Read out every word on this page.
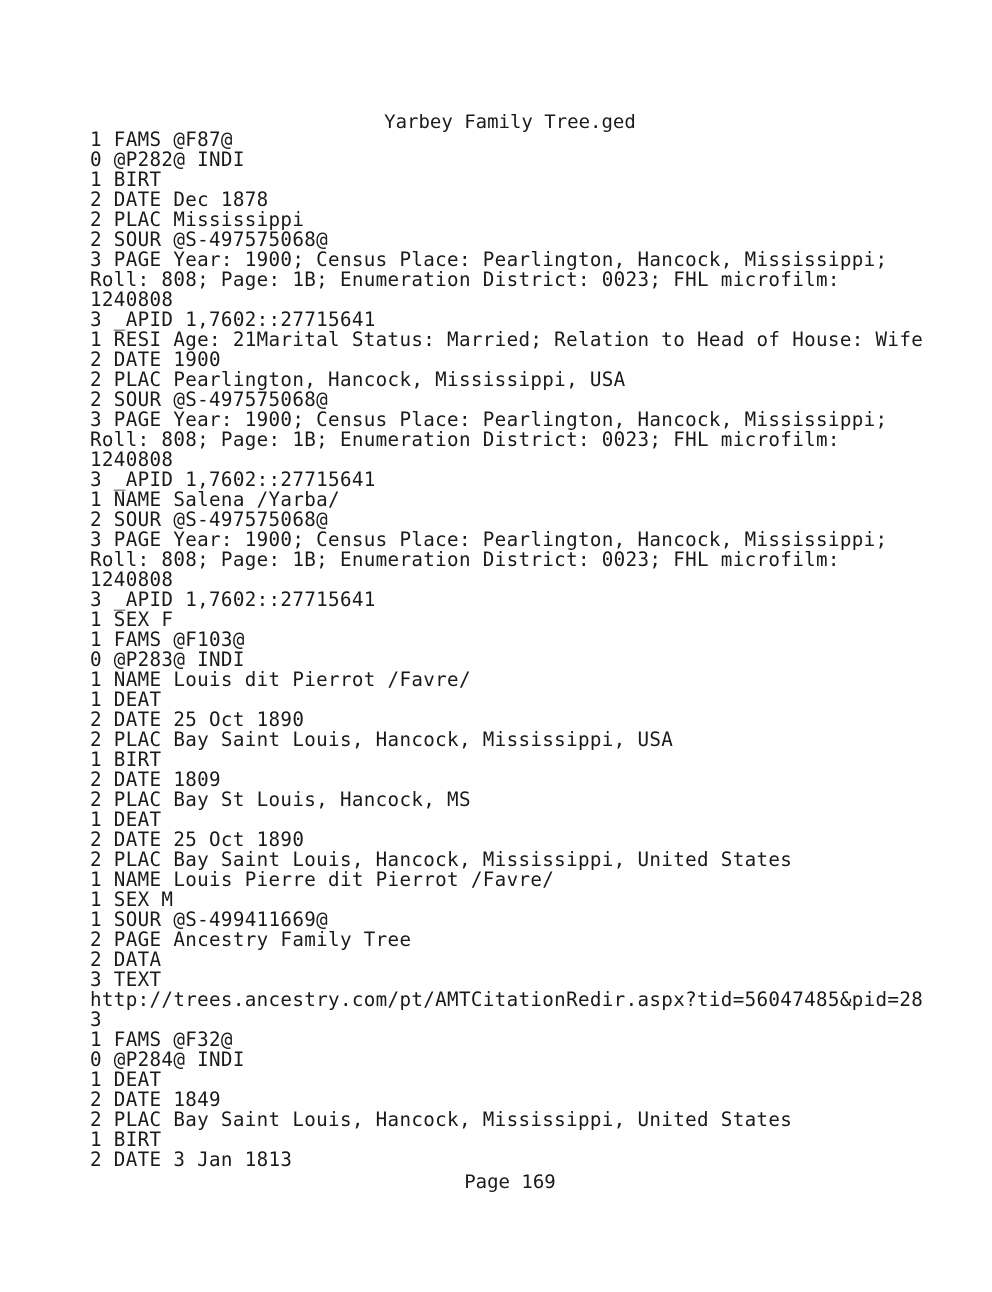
Yarbey Family Tree.ged
1 FAMS @F87@
0 @P282@ INDI
1 BIRT
2 DATE Dec 1878
2 PLAC Mississippi
2 SOUR @S-497575068@
3 PAGE Year: 1900; Census Place: Pearlington, Hancock, Mississippi;
Roll: 808; Page: 1B; Enumeration District: 0023; FHL microfilm:
1240808
3 _APID 1,7602::27715641
1 RESI Age: 21Marital Status: Married; Relation to Head of House: Wife
2 DATE 1900
2 PLAC Pearlington, Hancock, Mississippi, USA
2 SOUR @S-497575068@
3 PAGE Year: 1900; Census Place: Pearlington, Hancock, Mississippi;
Roll: 808; Page: 1B; Enumeration District: 0023; FHL microfilm:
1240808
3 _APID 1,7602::27715641
1 NAME Salena /Yarba/
2 SOUR @S-497575068@
3 PAGE Year: 1900; Census Place: Pearlington, Hancock, Mississippi;
Roll: 808; Page: 1B; Enumeration District: 0023; FHL microfilm:
1240808
3 _APID 1,7602::27715641
1 SEX F
1 FAMS @F103@
0 @P283@ INDI
1 NAME Louis dit Pierrot /Favre/
1 DEAT
2 DATE 25 Oct 1890
2 PLAC Bay Saint Louis, Hancock, Mississippi, USA
1 BIRT
2 DATE 1809
2 PLAC Bay St Louis, Hancock, MS
1 DEAT
2 DATE 25 Oct 1890
2 PLAC Bay Saint Louis, Hancock, Mississippi, United States
1 NAME Louis Pierre dit Pierrot /Favre/
1 SEX M
1 SOUR @S-499411669@
2 PAGE Ancestry Family Tree
2 DATA
3 TEXT
http://trees.ancestry.com/pt/AMTCitationRedir.aspx?tid=56047485&pid=28
3
1 FAMS @F32@
0 @P284@ INDI
1 DEAT
2 DATE 1849
2 PLAC Bay Saint Louis, Hancock, Mississippi, United States
1 BIRT
2 DATE 3 Jan 1813
Page 169
